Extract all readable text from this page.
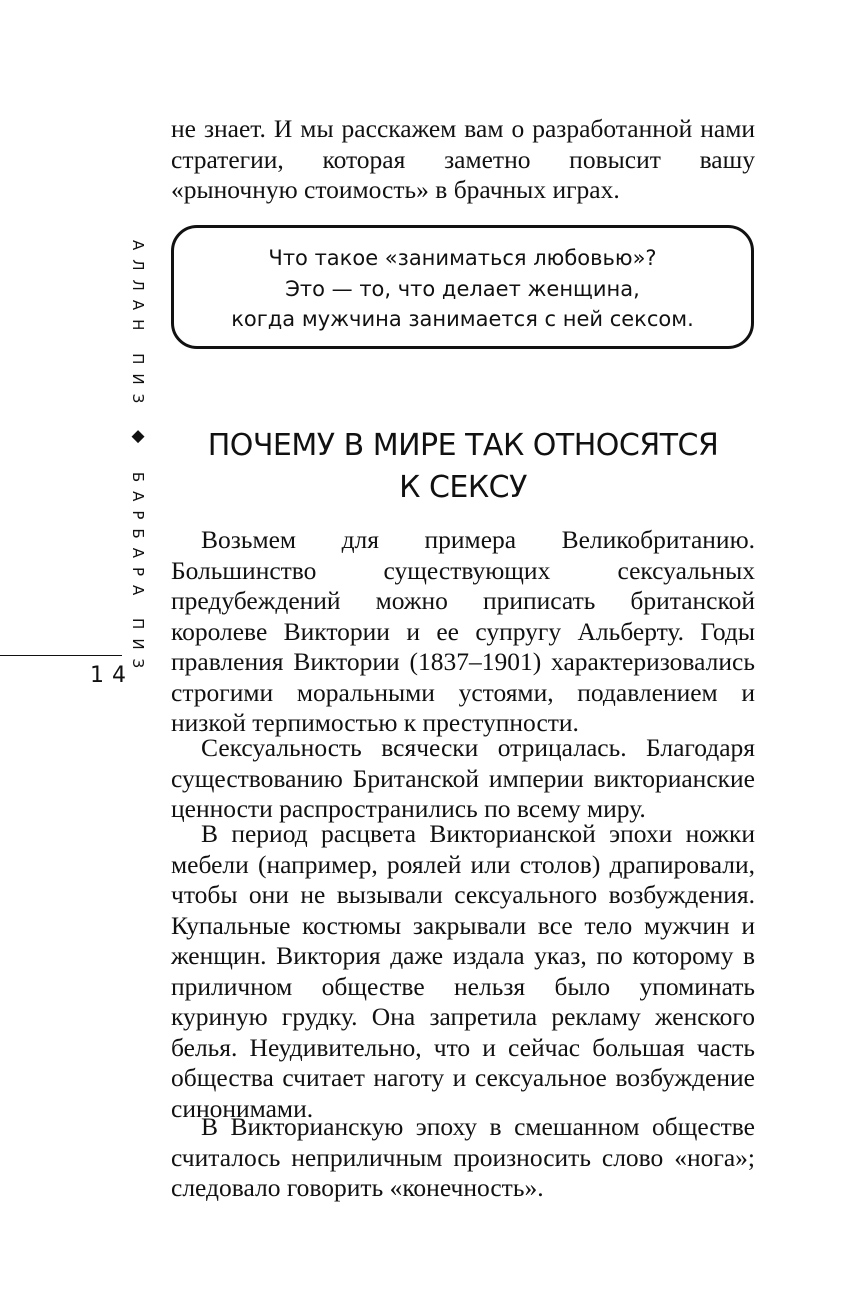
не знает. И мы расскажем вам о разработанной нами стратегии, которая заметно повысит вашу «рыночную стоимость» в брачных играх.
Что такое «заниматься любовью»?
Это — то, что делает женщина,
когда мужчина занимается с ней сексом.
ПОЧЕМУ В МИРЕ ТАК ОТНОСЯТСЯ
К СЕКСУ
Возьмем для примера Великобританию. Большинство существующих сексуальных предубеждений можно приписать британской королеве Виктории и ее супругу Альберту. Годы правления Виктории (1837–1901) характеризовались строгими моральными устоями, подавлением и низкой терпимостью к преступности.
Сексуальность всячески отрицалась. Благодаря существованию Британской империи викторианские ценности распространились по всему миру.
В период расцвета Викторианской эпохи ножки мебели (например, роялей или столов) драпировали, чтобы они не вызывали сексуального возбуждения. Купальные костюмы закрывали все тело мужчин и женщин. Виктория даже издала указ, по которому в приличном обществе нельзя было упоминать куриную грудку. Она запретила рекламу женского белья. Неудивительно, что и сейчас большая часть общества считает наготу и сексуальное возбуждение синонимами.
В Викторианскую эпоху в смешанном обществе считалось неприличным произносить слово «нога»; следовало говорить «конечность».
АЛЛАН ПИЗ ◆ БАРБАРА ПИЗ
14
